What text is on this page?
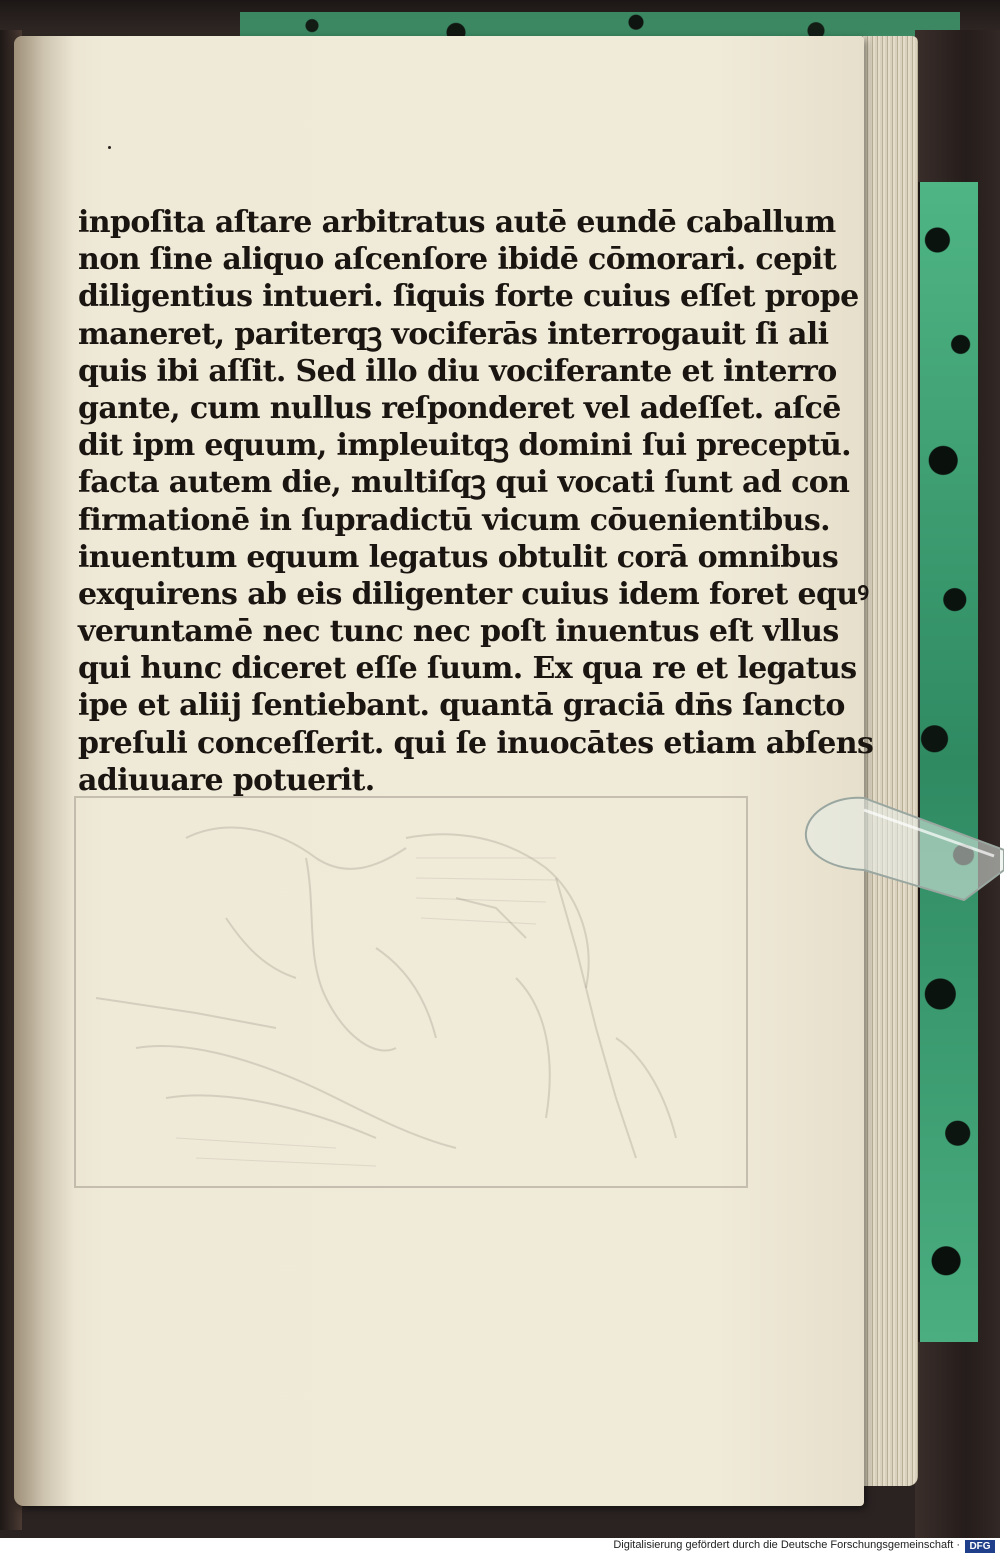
inpoſita aſtare arbitratus autē eundē caballum
non ſine aliquo aſcenſore ibidē cōmorari. cepit
diligentius intueri. ſiquis forte cuius eſſet prope
maneret, pariterqꝫ vociferās interrogauit ſi ali
quis ibi aſſit. Sed illo diu vociferante et interro
gante, cum nullus reſponderet vel adeſſet. aſcē
dit ipm equum, impleuitqꝫ domini ſui preceptū.
facta autem die, multiſqꝫ qui vocati ſunt ad con
firmationē in ſupradictū vicum cōuenientibus.
inuentum equum legatus obtulit corā omnibus
exquirens ab eis diligenter cuius idem foret equꝰ
veruntamē nec tunc nec poſt inuentus eſt vllus
qui hunc diceret eſſe ſuum. Ex qua re et legatus
ipe et aliĳ ſentiebant. quantā graciā dn̄s ſancto
preſuli conceſſerit. qui ſe inuocātes etiam abſens
adiuuare potuerit.
Digitalisierung gefördert durch die Deutsche Forschungsgemeinschaft · DFG
